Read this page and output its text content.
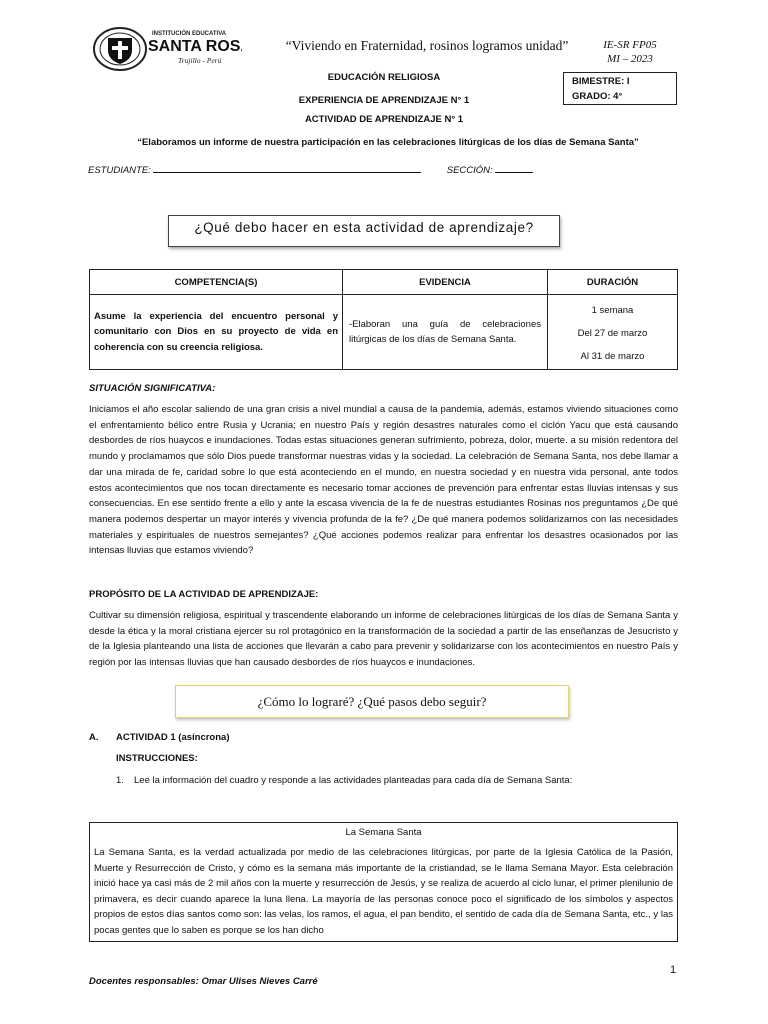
INSTITUCIÓN EDUCATIVA
SANTA ROSA
Trujillo - Perú
“Viviendo en Fraternidad, rosinos logramos unidad”	IE-SR FP05
MI – 2023
EDUCACIÓN RELIGIOSA
EXPERIENCIA DE APRENDIZAJE N° 1
ACTIVIDAD DE APRENDIZAJE N° 1
BIMESTRE: I
GRADO: 4°
“Elaboramos un informe de nuestra participación en las celebraciones litúrgicas de los días de Semana Santa”
ESTUDIANTE:	SECCIÓN:
¿Qué debo hacer en esta actividad de aprendizaje?
COMPETENCIA(S)	EVIDENCIA	DURACIÓN
Asume la experiencia del encuentro personal y comunitario con Dios en su proyecto de vida en coherencia con su creencia religiosa.	-Elaboran una guía de celebraciones litúrgicas de los días de Semana Santa.	1 semana
Del 27 de marzo
Al 31 de marzo
SITUACIÓN SIGNIFICATIVA:
Iniciamos el año escolar saliendo de una gran crisis a nivel mundial a causa de la pandemia, además, estamos viviendo situaciones como el enfrentamiento bélico entre Rusia y Ucrania; en nuestro País y región desastres naturales como el ciclón Yacu que está causando desbordes de ríos huaycos e inundaciones. Todas estas situaciones generan sufrimiento, pobreza, dolor, muerte. a su misión redentora del mundo y proclamamos que sólo Dios puede transformar nuestras vidas y la sociedad. La celebración de Semana Santa, nos debe llamar a dar una mirada de fe, caridad sobre lo que está aconteciendo en el mundo, en nuestra sociedad y en nuestra vida personal, ante todos estos acontecimientos que nos tocan directamente es necesario tomar acciones de prevención para enfrentar estas lluvias intensas y sus consecuencias. En ese sentido frente a ello y ante la escasa vivencia de la fe de nuestras estudiantes Rosinas nos preguntamos ¿De qué manera podemos despertar un mayor interés y vivencia profunda de la fe? ¿De qué manera podemos solidarizarnos con las necesidades materiales y espirituales de nuestros semejantes? ¿Qué acciones podemos realizar para enfrentar los desastres ocasionados por las intensas lluvias que estamos viviendo?
PROPÓSITO DE LA ACTIVIDAD DE APRENDIZAJE:
Cultivar su dimensión religiosa, espiritual y trascendente elaborando un informe de celebraciones litúrgicas de los días de Semana Santa y desde la ética y la moral cristiana ejercer su rol protagónico en la transformación de la sociedad a partir de las enseñanzas de Jesucristo y de la Iglesia planteando una lista de acciones que llevarán a cabo para prevenir y solidarizarse con los acontecimientos en nuestro País y región por las intensas lluvias que han causado desbordes de ríos huaycos e inundaciones.
¿Cómo lo lograré? ¿Qué pasos debo seguir?
A. ACTIVIDAD 1 (asíncrona)
INSTRUCCIONES:
1. Lee la información del cuadro y responde a las actividades planteadas para cada día de Semana Santa:
La Semana Santa
La Semana Santa, es la verdad actualizada por medio de las celebraciones litúrgicas, por parte de la Iglesia Católica de la Pasión, Muerte y Resurrección de Cristo, y cómo es la semana más importante de la cristiandad, se le llama Semana Mayor. Esta celebración inició hace ya casi más de 2 mil años con la muerte y resurrección de Jesús, y se realiza de acuerdo al ciclo lunar, el primer plenilunio de primavera, es decir cuando aparece la luna llena. La mayoría de las personas conoce poco el significado de los símbolos y aspectos propios de estos días santos como son: las velas, los ramos, el agua, el pan bendito, el sentido de cada día de Semana Santa, etc., y las pocas gentes que lo saben es porque se los han dicho
1
Docentes responsables: Omar Ulises Nieves Carré
